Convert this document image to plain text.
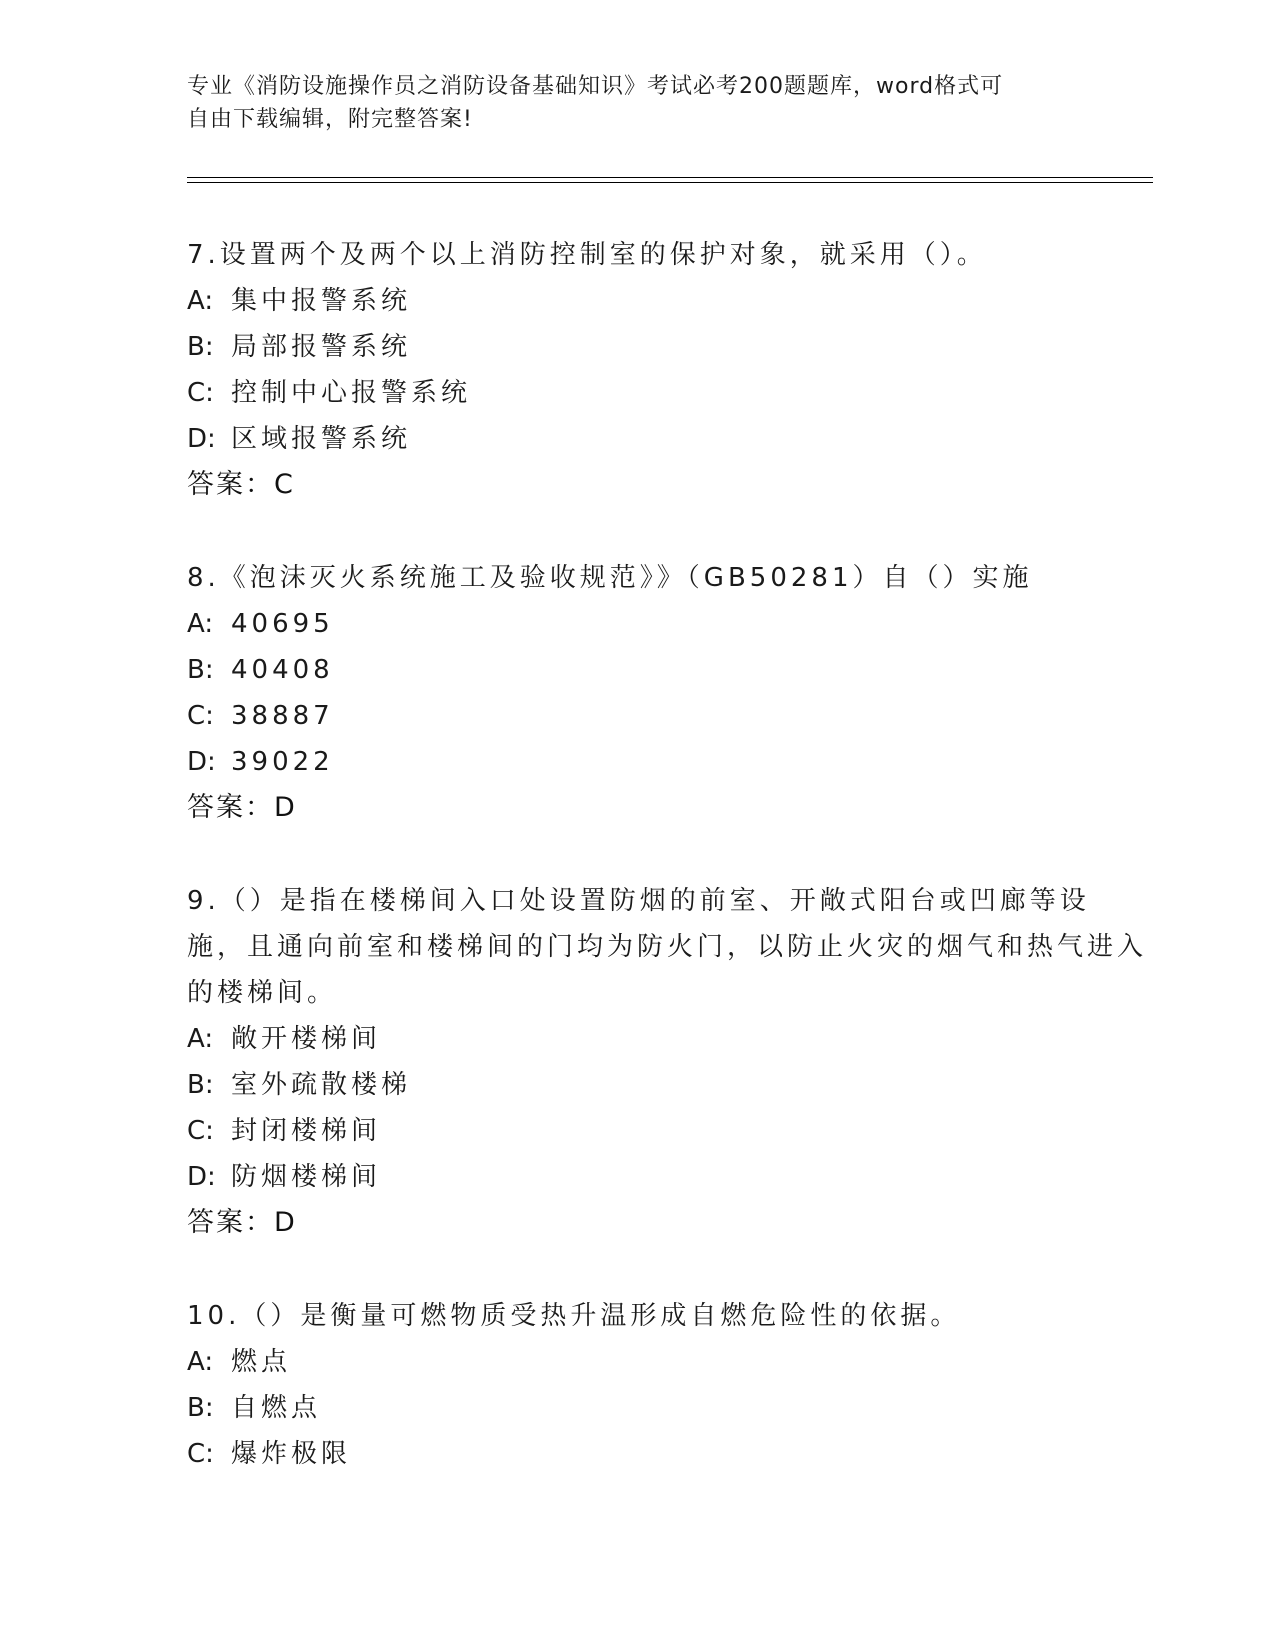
专业《消防设施操作员之消防设备基础知识》考试必考200题题库，word格式可
自由下载编辑，附完整答案!
7.设置两个及两个以上消防控制室的保护对象，就采用（）。
A: 集中报警系统
B: 局部报警系统
C: 控制中心报警系统
D: 区域报警系统
答案：C
8.《泡沫灭火系统施工及验收规范》》（GB50281）自（）实施
A: 40695
B: 40408
C: 38887
D: 39022
答案：D
9.（）是指在楼梯间入口处设置防烟的前室、开敞式阳台或凹廊等设施，且通向前室和楼梯间的门均为防火门，以防止火灾的烟气和热气进入的楼梯间。
A: 敞开楼梯间
B: 室外疏散楼梯
C: 封闭楼梯间
D: 防烟楼梯间
答案：D
10.（）是衡量可燃物质受热升温形成自燃危险性的依据。
A: 燃点
B: 自燃点
C: 爆炸极限
